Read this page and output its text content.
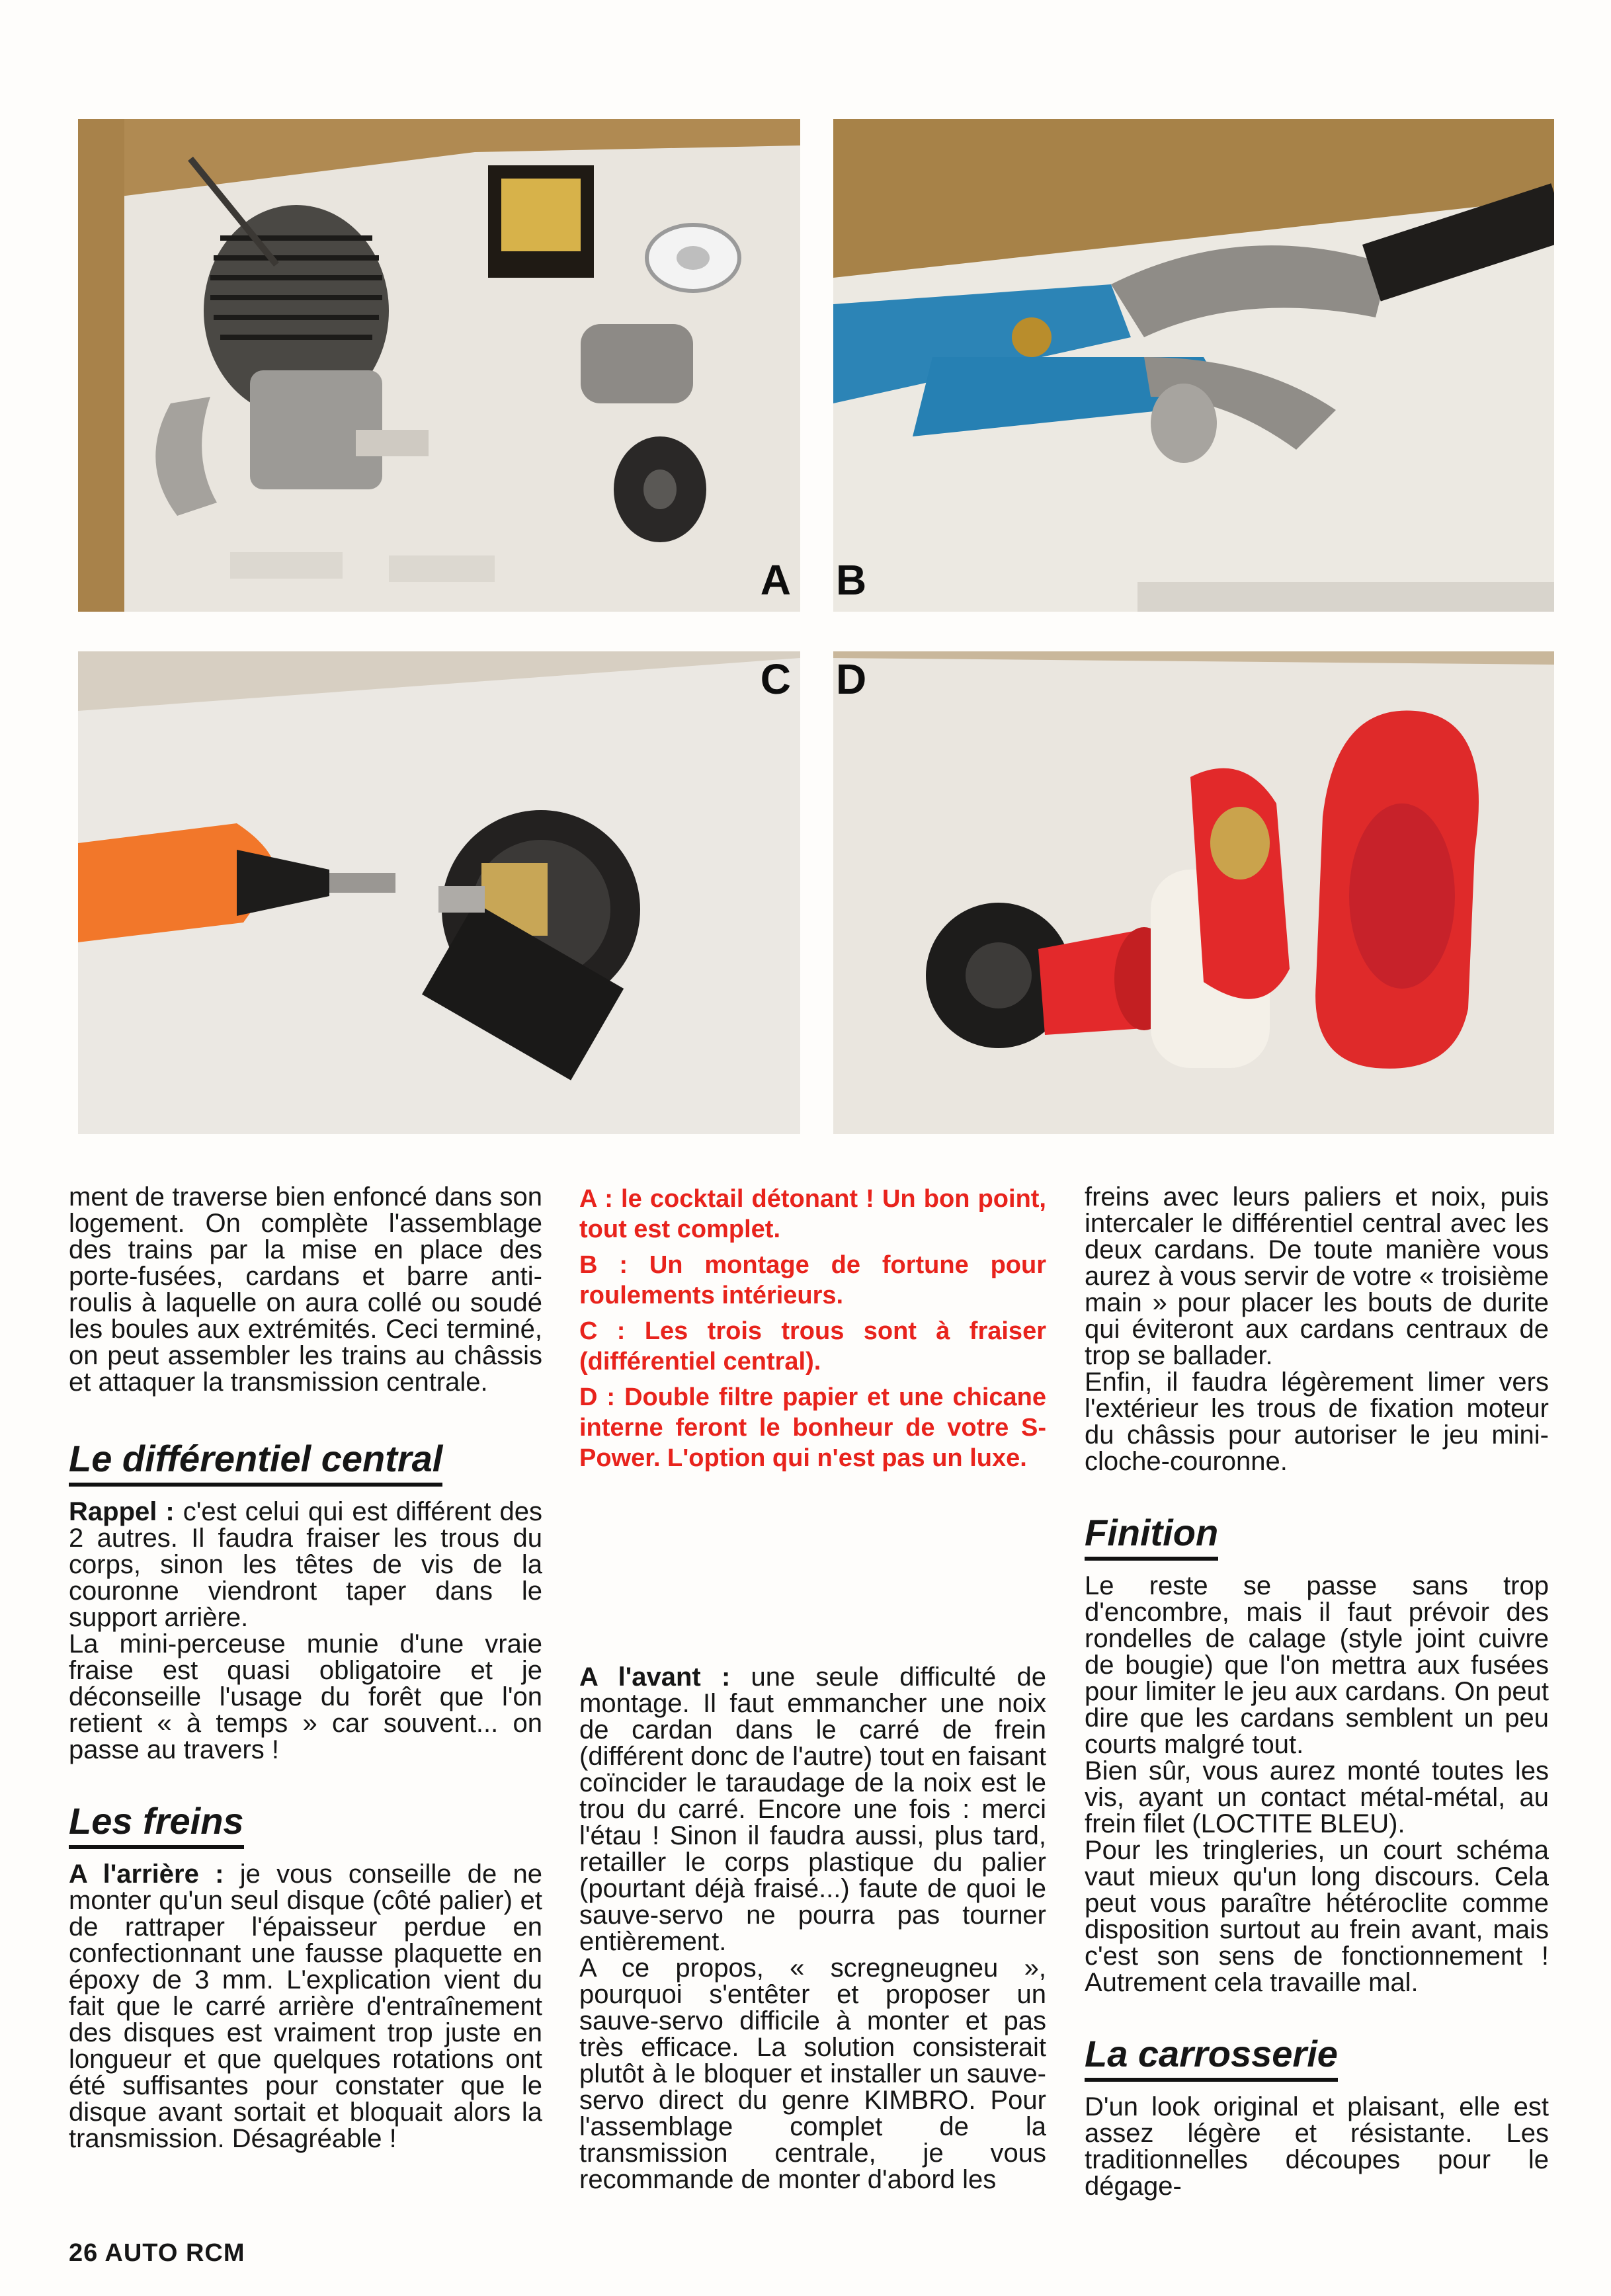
A B
C D

ment de traverse bien enfoncé dans son logement. On complète l'assemblage des trains par la mise en place des porte-fusées, cardans et barre anti-roulis à laquelle on aura collé ou soudé les boules aux extrémités. Ceci terminé, on peut assembler les trains au châssis et attaquer la transmission centrale.

Le différentiel central

Rappel : c'est celui qui est différent des 2 autres. Il faudra fraiser les trous du corps, sinon les têtes de vis de la couronne viendront taper dans le support arrière.

La mini-perceuse munie d'une vraie fraise est quasi obligatoire et je déconseille l'usage du forêt que l'on retient « à temps » car souvent... on passe au travers !

Les freins

A l'arrière : je vous conseille de ne monter qu'un seul disque (côté palier) et de rattraper l'épaisseur perdue en confectionnant une fausse plaquette en époxy de 3 mm. L'explication vient du fait que le carré arrière d'entraînement des disques est vraiment trop juste en longueur et que quelques rotations ont été suffisantes pour constater que le disque avant sortait et bloquait alors la transmission. Désagréable !

A : le cocktail détonant ! Un bon point, tout est complet.

B : Un montage de fortune pour roulements intérieurs.

C : Les trois trous sont à fraiser (différentiel central).

D : Double filtre papier et une chicane interne feront le bonheur de votre S-Power. L'option qui n'est pas un luxe.

A l'avant : une seule difficulté de montage. Il faut emmancher une noix de cardan dans le carré de frein (différent donc de l'autre) tout en faisant coïncider le taraudage de la noix est le trou du carré. Encore une fois : merci l'étau ! Sinon il faudra aussi, plus tard, retailler le corps plastique du palier (pourtant déjà fraisé...) faute de quoi le sauve-servo ne pourra pas tourner entièrement.

A ce propos, « scregneugneu », pourquoi s'entêter et proposer un sauve-servo difficile à monter et pas très efficace. La solution consisterait plutôt à le bloquer et installer un sauve-servo direct du genre KIMBRO. Pour l'assemblage complet de la transmission centrale, je vous recommande de monter d'abord les

freins avec leurs paliers et noix, puis intercaler le différentiel central avec les deux cardans. De toute manière vous aurez à vous servir de votre « troisième main » pour placer les bouts de durite qui éviteront aux cardans centraux de trop se ballader.

Enfin, il faudra légèrement limer vers l'extérieur les trous de fixation moteur du châssis pour autoriser le jeu mini-cloche-couronne.

Finition

Le reste se passe sans trop d'encombre, mais il faut prévoir des rondelles de calage (style joint cuivre de bougie) que l'on mettra aux fusées pour limiter le jeu aux cardans. On peut dire que les cardans semblent un peu courts malgré tout.

Bien sûr, vous aurez monté toutes les vis, ayant un contact métal-métal, au frein filet (LOCTITE BLEU).

Pour les tringleries, un court schéma vaut mieux qu'un long discours. Cela peut vous paraître hétéroclite comme disposition surtout au frein avant, mais c'est son sens de fonctionnement ! Autrement cela travaille mal.

La carrosserie

D'un look original et plaisant, elle est assez légère et résistante. Les traditionnelles découpes pour le dégage-

26 AUTO RCM
